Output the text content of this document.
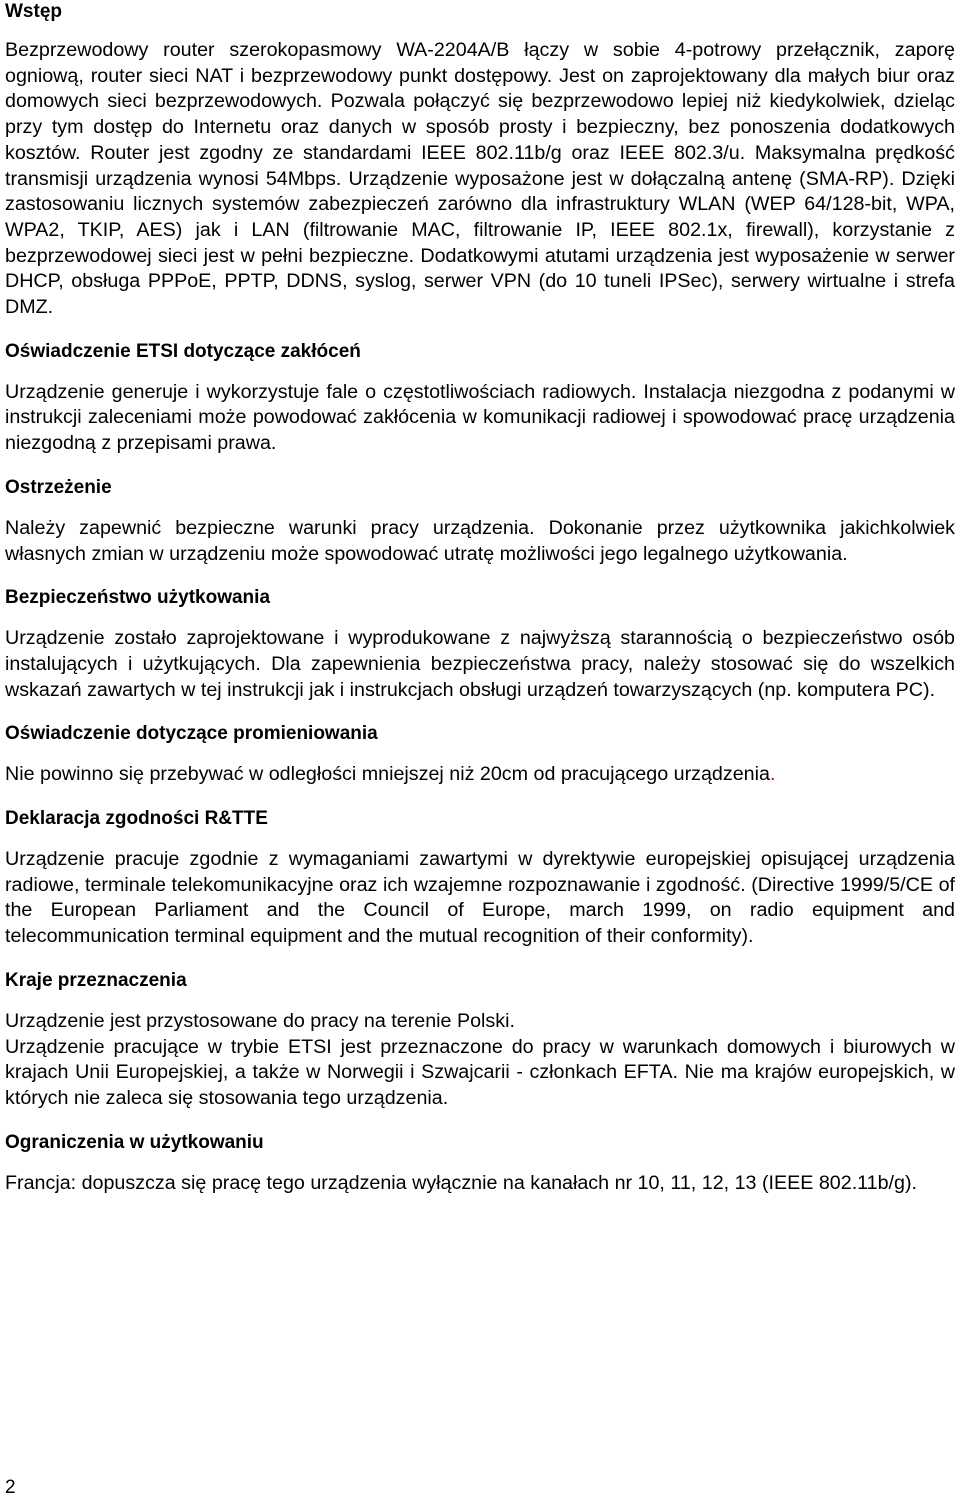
Wstęp

Bezprzewodowy router szerokopasmowy WA-2204A/B łączy w sobie 4-potrowy przełącznik, zaporę ogniową, router sieci NAT i bezprzewodowy punkt dostępowy. Jest on zaprojektowany dla małych biur oraz domowych sieci bezprzewodowych. Pozwala połączyć się bezprzewodowo lepiej niż kiedykolwiek, dzieląc przy tym dostęp do Internetu oraz danych w sposób prosty i bezpieczny, bez ponoszenia dodatkowych kosztów. Router jest zgodny ze standardami IEEE 802.11b/g oraz IEEE 802.3/u. Maksymalna prędkość transmisji urządzenia wynosi 54Mbps. Urządzenie wyposażone jest w dołączalną antenę (SMA-RP). Dzięki zastosowaniu licznych systemów zabezpieczeń zarówno dla infrastruktury WLAN (WEP 64/128-bit, WPA, WPA2, TKIP, AES) jak i LAN (filtrowanie MAC, filtrowanie IP, IEEE 802.1x, firewall), korzystanie z bezprzewodowej sieci jest w pełni bezpieczne. Dodatkowymi atutami urządzenia jest wyposażenie w serwer DHCP, obsługa PPPoE, PPTP, DDNS, syslog, serwer VPN (do 10 tuneli IPSec), serwery wirtualne i strefa DMZ.

Oświadczenie ETSI dotyczące zakłóceń

Urządzenie generuje i wykorzystuje fale o częstotliwościach radiowych. Instalacja niezgodna z podanymi w instrukcji zaleceniami może powodować zakłócenia w komunikacji radiowej i spowodować pracę urządzenia niezgodną z przepisami prawa.

Ostrzeżenie

Należy zapewnić bezpieczne warunki pracy urządzenia. Dokonanie przez użytkownika jakichkolwiek własnych zmian w urządzeniu może spowodować utratę możliwości jego legalnego użytkowania.

Bezpieczeństwo użytkowania

Urządzenie zostało zaprojektowane i wyprodukowane z najwyższą starannością o bezpieczeństwo osób instalujących i użytkujących. Dla zapewnienia bezpieczeństwa pracy, należy stosować się do wszelkich wskazań zawartych w tej instrukcji jak i instrukcjach obsługi urządzeń towarzyszących (np. komputera PC).

Oświadczenie dotyczące promieniowania

Nie powinno się przebywać w odległości mniejszej niż 20cm od pracującego urządzenia.

Deklaracja zgodności R&TTE

Urządzenie pracuje zgodnie z wymaganiami zawartymi w dyrektywie europejskiej opisującej urządzenia radiowe, terminale telekomunikacyjne oraz ich wzajemne rozpoznawanie i zgodność. (Directive 1999/5/CE of the European Parliament and the Council of Europe, march 1999, on radio equipment and telecommunication terminal equipment and the mutual recognition of their conformity).

Kraje przeznaczenia

Urządzenie jest przystosowane do pracy na terenie Polski.

Urządzenie pracujące w trybie ETSI jest przeznaczone do pracy w warunkach domowych i biurowych w krajach Unii Europejskiej, a także w Norwegii i Szwajcarii - członkach EFTA. Nie ma krajów europejskich, w których nie zaleca się stosowania tego urządzenia.

Ograniczenia w użytkowaniu

Francja: dopuszcza się pracę tego urządzenia wyłącznie na kanałach nr 10, 11, 12, 13 (IEEE 802.11b/g).

2
